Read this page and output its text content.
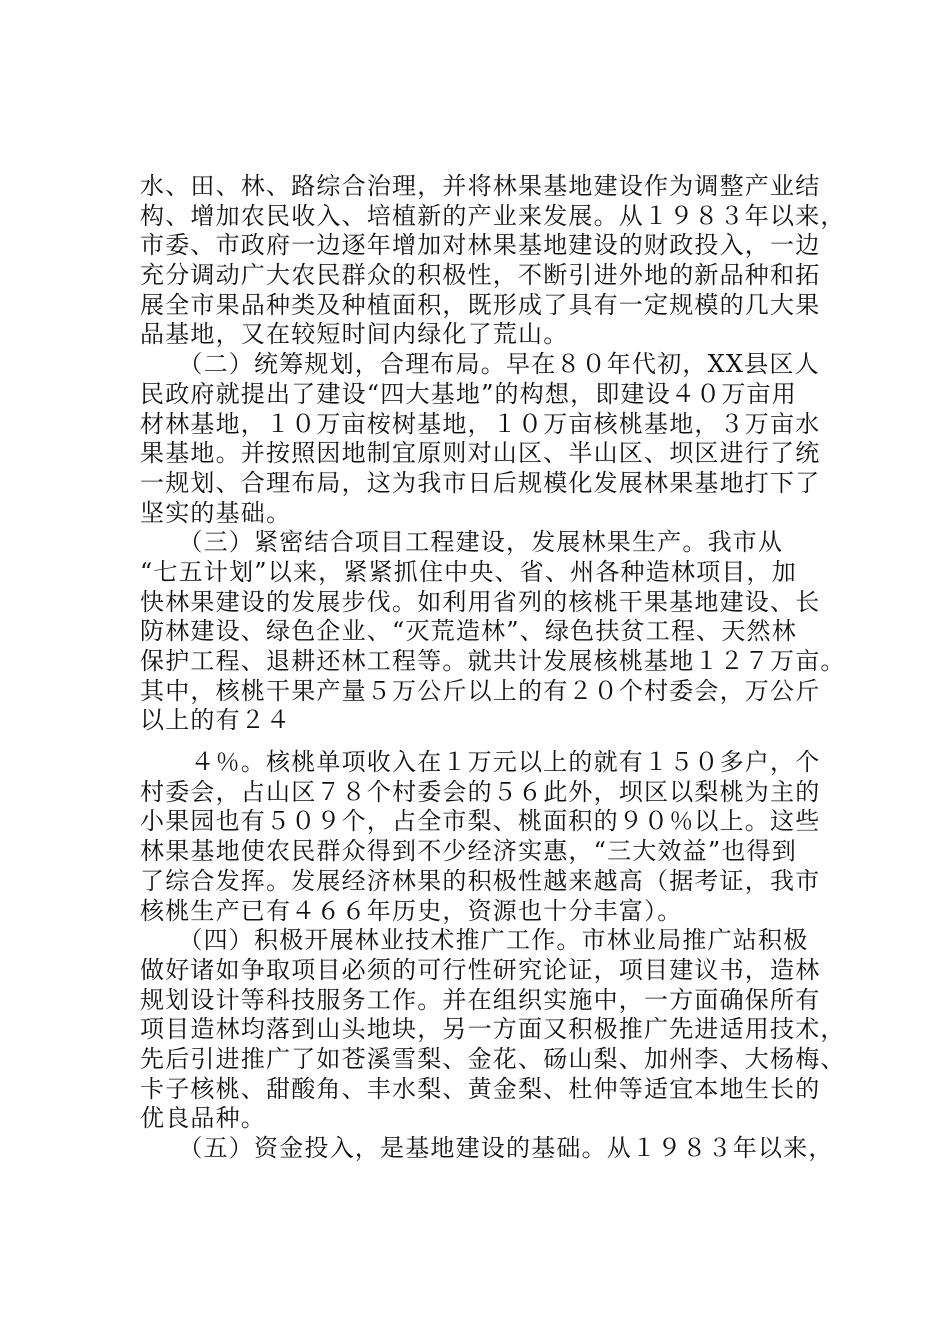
水、田、林、路综合治理，并将林果基地建设作为调整产业结
构、增加农民收入、培植新的产业来发展。从１９８３年以来，
市委、市政府一边逐年增加对林果基地建设的财政投入，一边
充分调动广大农民群众的积极性，不断引进外地的新品种和拓
展全市果品种类及种植面积，既形成了具有一定规模的几大果
品基地，又在较短时间内绿化了荒山。
　　（二）统筹规划，合理布局。早在８０年代初，XX县区人
民政府就提出了建设“四大基地”的构想，即建设４０万亩用
材林基地，１０万亩桉树基地，１０万亩核桃基地，３万亩水
果基地。并按照因地制宜原则对山区、半山区、坝区进行了统
一规划、合理布局，这为我市日后规模化发展林果基地打下了
坚实的基础。
　　（三）紧密结合项目工程建设，发展林果生产。我市从
“七五计划”以来，紧紧抓住中央、省、州各种造林项目，加
快林果建设的发展步伐。如利用省列的核桃干果基地建设、长
防林建设、绿色企业、“灭荒造林”、绿色扶贫工程、天然林
保护工程、退耕还林工程等。就共计发展核桃基地１２７万亩。
其中，核桃干果产量５万公斤以上的有２０个村委会，万公斤
以上的有２４
　　４％。核桃单项收入在１万元以上的就有１５０多户，个
村委会，占山区７８个村委会的５６此外，坝区以梨桃为主的
小果园也有５０９个，占全市梨、桃面积的９０％以上。这些
林果基地使农民群众得到不少经济实惠，“三大效益”也得到
了综合发挥。发展经济林果的积极性越来越高（据考证，我市
核桃生产已有４６６年历史，资源也十分丰富）。
　　（四）积极开展林业技术推广工作。市林业局推广站积极
做好诸如争取项目必须的可行性研究论证，项目建议书，造林
规划设计等科技服务工作。并在组织实施中，一方面确保所有
项目造林均落到山头地块，另一方面又积极推广先进适用技术，
先后引进推广了如苍溪雪梨、金花、砀山梨、加州李、大杨梅、
卡子核桃、甜酸角、丰水梨、黄金梨、杜仲等适宜本地生长的
优良品种。
　　（五）资金投入，是基地建设的基础。从１９８３年以来，
